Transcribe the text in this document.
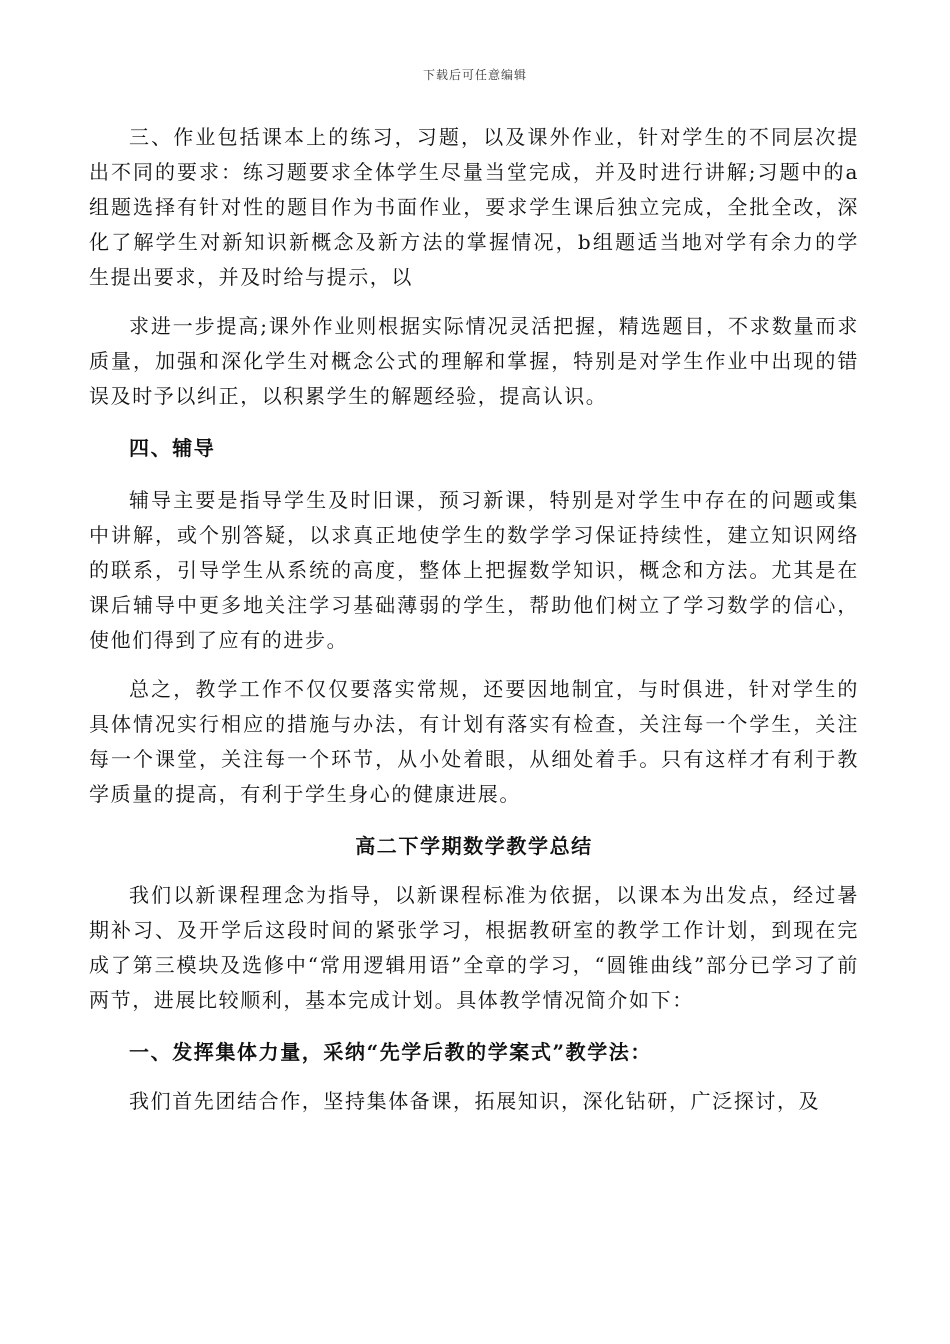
下载后可任意编辑

三、作业包括课本上的练习，习题，以及课外作业，针对学生的不同层次提出不同的要求：练习题要求全体学生尽量当堂完成，并及时进行讲解;习题中的a组题选择有针对性的题目作为书面作业，要求学生课后独立完成，全批全改，深化了解学生对新知识新概念及新方法的掌握情况，b组题适当地对学有余力的学生提出要求，并及时给与提示，以

求进一步提高;课外作业则根据实际情况灵活把握，精选题目，不求数量而求质量，加强和深化学生对概念公式的理解和掌握，特别是对学生作业中出现的错误及时予以纠正，以积累学生的解题经验，提高认识。

四、辅导

辅导主要是指导学生及时旧课，预习新课，特别是对学生中存在的问题或集中讲解，或个别答疑，以求真正地使学生的数学学习保证持续性，建立知识网络的联系，引导学生从系统的高度，整体上把握数学知识，概念和方法。尤其是在课后辅导中更多地关注学习基础薄弱的学生，帮助他们树立了学习数学的信心，使他们得到了应有的进步。

总之，教学工作不仅仅要落实常规，还要因地制宜，与时俱进，针对学生的具体情况实行相应的措施与办法，有计划有落实有检查，关注每一个学生，关注每一个课堂，关注每一个环节，从小处着眼，从细处着手。只有这样才有利于教学质量的提高，有利于学生身心的健康进展。

高二下学期数学教学总结

我们以新课程理念为指导，以新课程标准为依据，以课本为出发点，经过暑期补习、及开学后这段时间的紧张学习，根据教研室的教学工作计划，到现在完成了第三模块及选修中“常用逻辑用语”全章的学习，“圆锥曲线”部分已学习了前两节，进展比较顺利，基本完成计划。具体教学情况简介如下：

一、发挥集体力量，采纳“先学后教的学案式”教学法：

我们首先团结合作，坚持集体备课，拓展知识，深化钻研，广泛探讨，及
